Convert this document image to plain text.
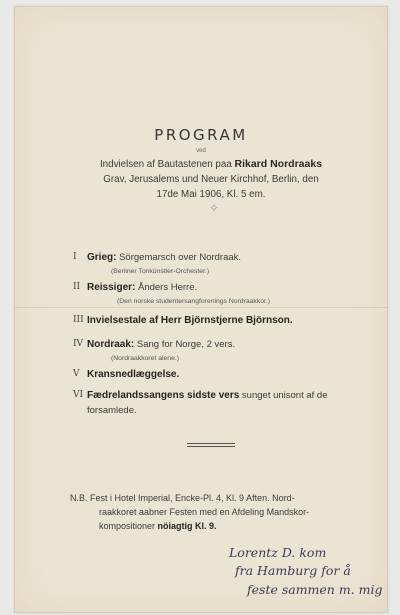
PROGRAM
ved
Indvielsen af Bautastenen paa Rikard Nordraaks
Grav, Jerusalems und Neuer Kirchhof, Berlin, den
17de Mai 1906, Kl. 5 em.
✧
I Grieg: Sörgemarsch over Nordraak.
(Berliner Tonkünstler-Orchester.)
II Reissiger: Ånders Herre.
(Den norske studentersangforenings Nordraakkor.)
III Invielsestale af Herr Björnstjerne Björnson.
IV Nordraak: Sang for Norge, 2 vers.
(Nordraakkoret alene.)
V Kransnedlæggelse.
VI Fædrelandssangens sidste vers sunget unisont af de
forsamlede.
N.B. Fest i Hotel Imperial, Encke-Pl. 4, Kl. 9 Aften. Nord-
raakkoret aabner Festen med en Afdeling Mandskor-
kompositioner nöiagtig Kl. 9.
Lorentz D. kom
fra Hamburg for å
feste sammen m. mig
